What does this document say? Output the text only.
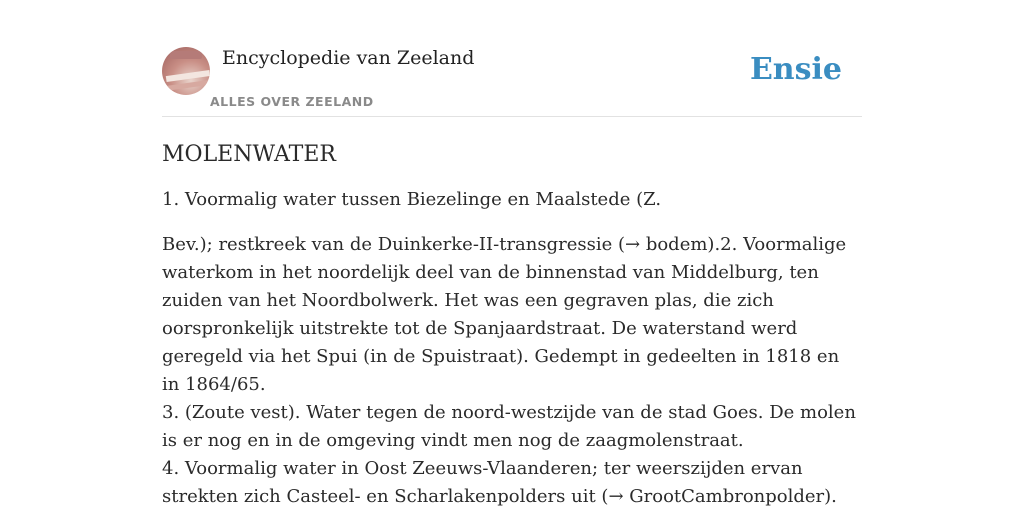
Encyclopedie van Zeeland
ALLES OVER ZEELAND
Ensie
MOLENWATER

1. Voormalig water tussen Biezelinge en Maalstede (Z.

Bev.); restkreek van de Duinkerke-II-transgressie (→ bodem).2. Voormalige waterkom in het noordelijk deel van de binnenstad van Middelburg, ten zuiden van het Noordbolwerk. Het was een gegraven plas, die zich oorspronkelijk uitstrekte tot de Spanjaardstraat. De waterstand werd geregeld via het Spui (in de Spuistraat). Gedempt in gedeelten in 1818 en in 1864/65.
3. (Zoute vest). Water tegen de noord-westzijde van de stad Goes. De molen is er nog en in de omgeving vindt men nog de zaagmolenstraat.
4. Voormalig water in Oost Zeeuws-Vlaanderen; ter weerszijden ervan strekten zich Casteel- en Scharlakenpolders uit (→ GrootCambronpolder).
